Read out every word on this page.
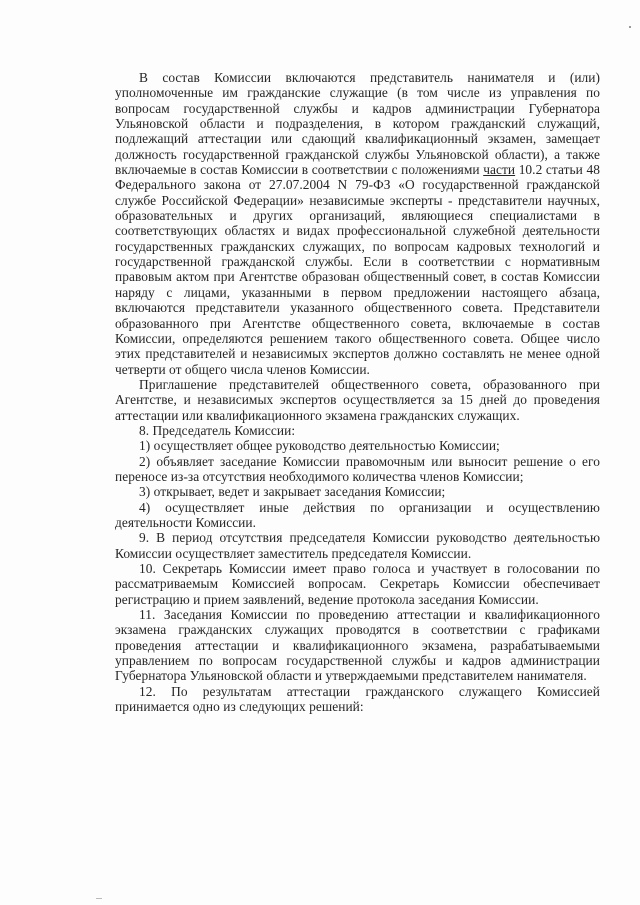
В состав Комиссии включаются представитель нанимателя и (или) уполномоченные им гражданские служащие (в том числе из управления по вопросам государственной службы и кадров администрации Губернатора Ульяновской области и подразделения, в котором гражданский служащий, подлежащий аттестации или сдающий квалификационный экзамен, замещает должность государственной гражданской службы Ульяновской области), а также включаемые в состав Комиссии в соответствии с положениями части 10.2 статьи 48 Федерального закона от 27.07.2004 N 79-ФЗ «О государственной гражданской службе Российской Федерации» независимые эксперты - представители научных, образовательных и других организаций, являющиеся специалистами в соответствующих областях и видах профессиональной служебной деятельности государственных гражданских служащих, по вопросам кадровых технологий и государственной гражданской службы. Если в соответствии с нормативным правовым актом при Агентстве образован общественный совет, в состав Комиссии наряду с лицами, указанными в первом предложении настоящего абзаца, включаются представители указанного общественного совета. Представители образованного при Агентстве общественного совета, включаемые в состав Комиссии, определяются решением такого общественного совета. Общее число этих представителей и независимых экспертов должно составлять не менее одной четверти от общего числа членов Комиссии.

Приглашение представителей общественного совета, образованного при Агентстве, и независимых экспертов осуществляется за 15 дней до проведения аттестации или квалификационного экзамена гражданских служащих.

8. Председатель Комиссии:

1) осуществляет общее руководство деятельностью Комиссии;

2) объявляет заседание Комиссии правомочным или выносит решение о его переносе из-за отсутствия необходимого количества членов Комиссии;

3) открывает, ведет и закрывает заседания Комиссии;

4) осуществляет иные действия по организации и осуществлению деятельности Комиссии.

9. В период отсутствия председателя Комиссии руководство деятельностью Комиссии осуществляет заместитель председателя Комиссии.

10. Секретарь Комиссии имеет право голоса и участвует в голосовании по рассматриваемым Комиссией вопросам. Секретарь Комиссии обеспечивает регистрацию и прием заявлений, ведение протокола заседания Комиссии.

11. Заседания Комиссии по проведению аттестации и квалификационного экзамена гражданских служащих проводятся в соответствии с графиками проведения аттестации и квалификационного экзамена, разрабатываемыми управлением по вопросам государственной службы и кадров администрации Губернатора Ульяновской области и утверждаемыми представителем нанимателя.

12. По результатам аттестации гражданского служащего Комиссией принимается одно из следующих решений:
